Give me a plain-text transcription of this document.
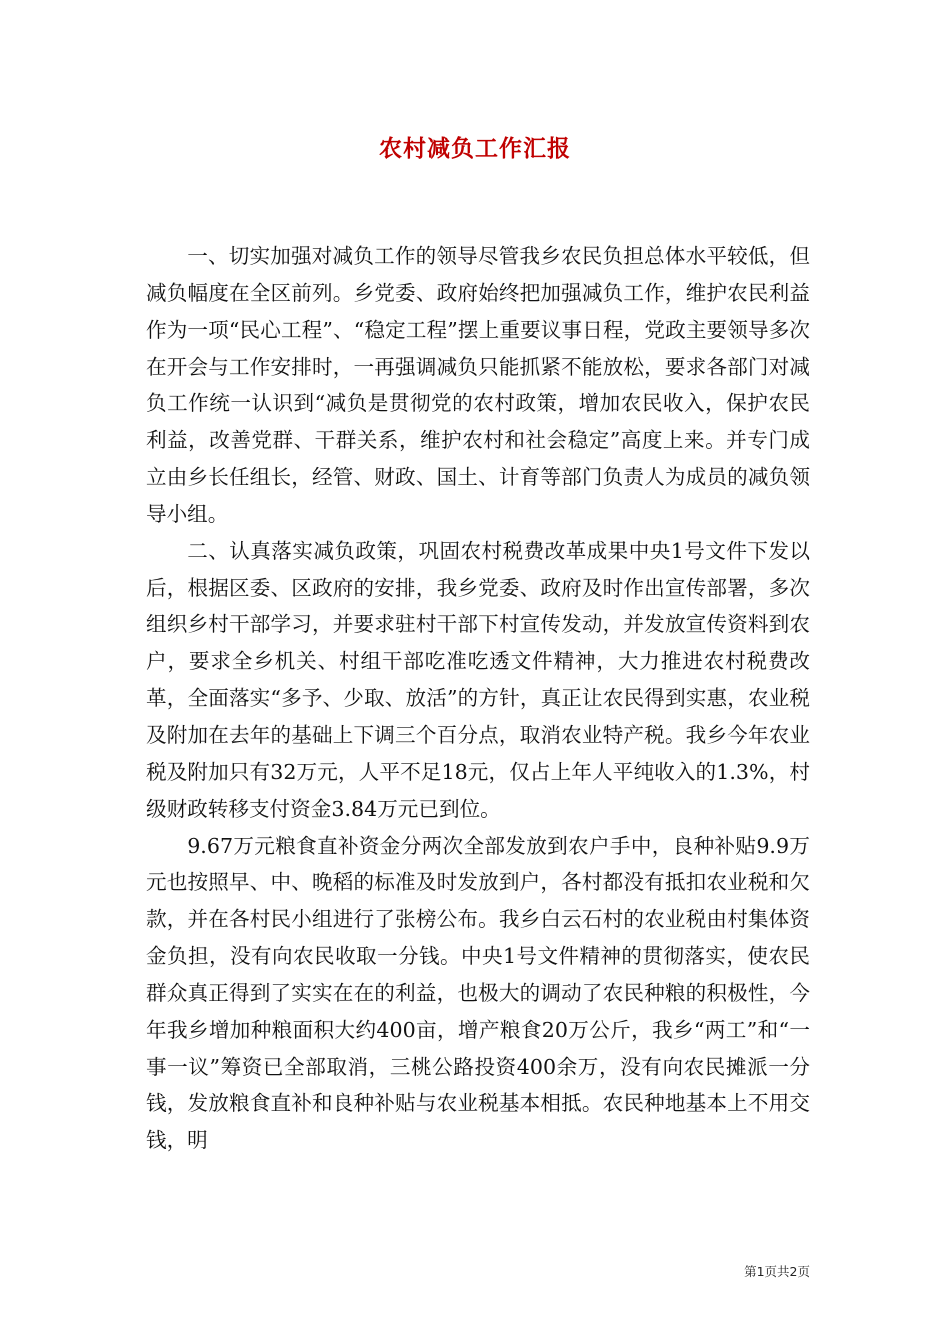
农村减负工作汇报

一、切实加强对减负工作的领导尽管我乡农民负担总体水平较低，但减负幅度在全区前列。乡党委、政府始终把加强减负工作，维护农民利益作为一项“民心工程”、“稳定工程”摆上重要议事日程，党政主要领导多次在开会与工作安排时，一再强调减负只能抓紧不能放松，要求各部门对减负工作统一认识到“减负是贯彻党的农村政策，增加农民收入，保护农民利益，改善党群、干群关系，维护农村和社会稳定”高度上来。并专门成立由乡长任组长，经管、财政、国土、计育等部门负责人为成员的减负领导小组。

二、认真落实减负政策，巩固农村税费改革成果中央1号文件下发以后，根据区委、区政府的安排，我乡党委、政府及时作出宣传部署，多次组织乡村干部学习，并要求驻村干部下村宣传发动，并发放宣传资料到农户，要求全乡机关、村组干部吃准吃透文件精神，大力推进农村税费改革，全面落实“多予、少取、放活”的方针，真正让农民得到实惠，农业税及附加在去年的基础上下调三个百分点，取消农业特产税。我乡今年农业税及附加只有32万元，人平不足18元，仅占上年人平纯收入的1.3%，村级财政转移支付资金3.84万元已到位。

9.67万元粮食直补资金分两次全部发放到农户手中，良种补贴9.9万元也按照早、中、晚稻的标准及时发放到户，各村都没有抵扣农业税和欠款，并在各村民小组进行了张榜公布。我乡白云石村的农业税由村集体资金负担，没有向农民收取一分钱。中央1号文件精神的贯彻落实，使农民群众真正得到了实实在在的利益，也极大的调动了农民种粮的积极性，今年我乡增加种粮面积大约400亩，增产粮食20万公斤，我乡“两工”和“一事一议”筹资已全部取消，三桃公路投资400余万，没有向农民摊派一分钱，发放粮食直补和良种补贴与农业税基本相抵。农民种地基本上不用交钱，明

第1页共2页
